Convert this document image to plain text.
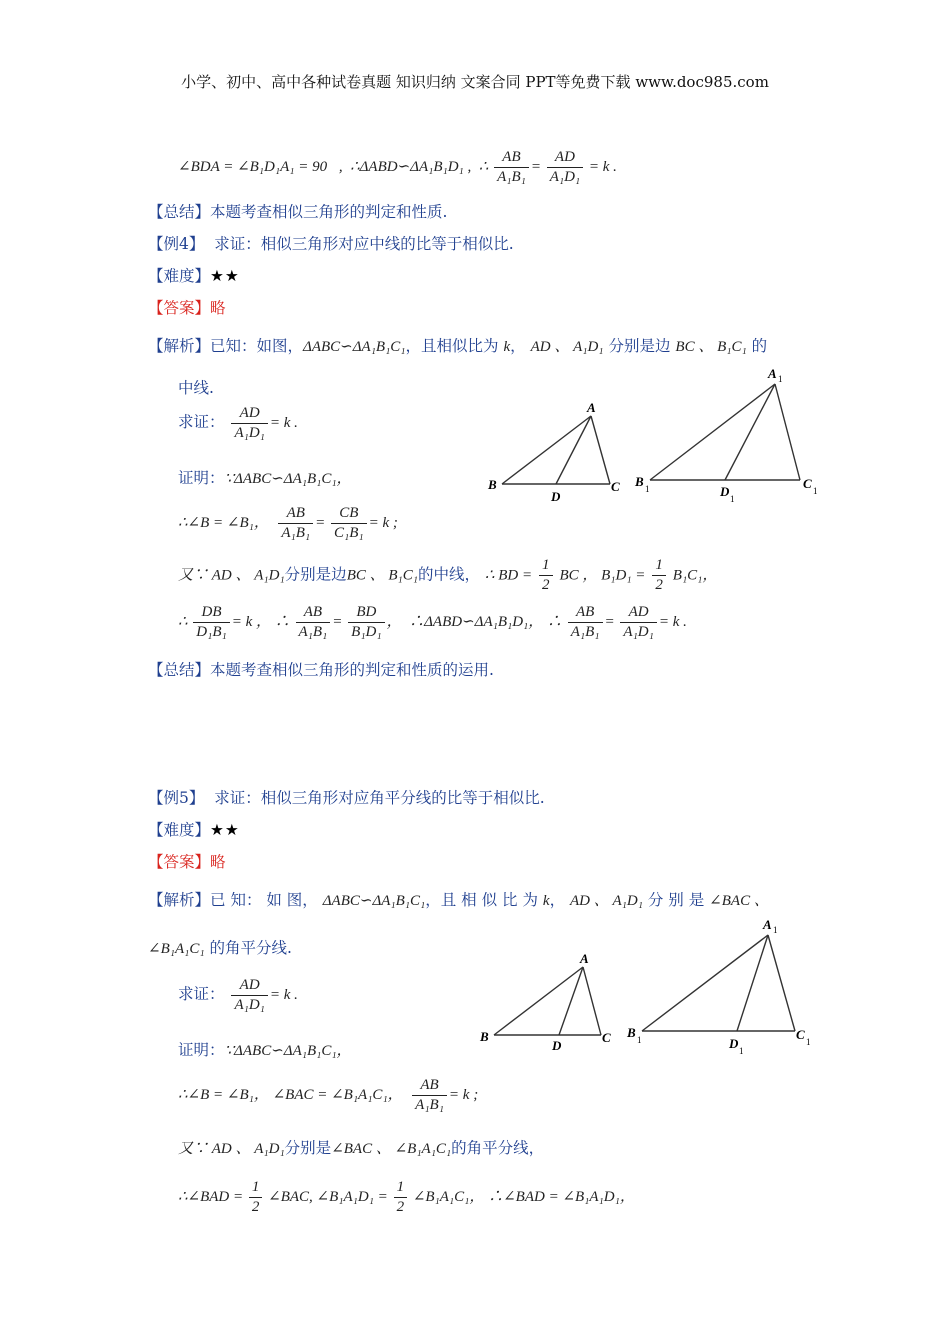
小学、初中、高中各种试卷真题 知识归纳 文案合同 PPT等免费下载 www.doc985.com
∠BDA = ∠B₁D₁A₁ = 90 ,  ∴ΔABD∽ΔA₁B₁D₁ ,  ∴ $\frac{AB}{\text{A₁B₁}} = \frac{AD}{\text{A₁D₁}} = k$ .
【总结】本题考查相似三角形的判定和性质.
【例4】 求证：相似三角形对应中线的比等于相似比.
【难度】★★
【答案】略
【解析】已知：如图，ΔABC∽ΔA₁B₁C₁，且相似比为 k， AD 、 A₁D₁ 分别是边 BC 、 B₁C₁ 的
中线.
求证： $\frac{AD}{\text{A₁D₁}} = k$ .
证明：∵ΔABC∽ΔA₁B₁C₁，
∴∠B = ∠B₁， $\frac{AB}{\text{A₁B₁}} = \frac{CB}{\text{C₁B₁}} = k$ ;
又∵ AD 、 A₁D₁分别是边BC 、 B₁C₁的中线， ∴ BD = $\frac{1}{2}$ BC ， $B_1D_1 = \frac{1}{2} B_1C_1$，
∴ $\frac{DB}{\text{D₁B₁}} = k$ ， ∴ $\frac{AB}{\text{A₁B₁}} = \frac{BD}{\text{B₁D₁}}$ ，  ∴ΔABD∽ΔA₁B₁D₁， ∴ $\frac{AB}{\text{A₁B₁}} = \frac{AD}{\text{A₁D₁}} = k$ .
【总结】本题考查相似三角形的判定和性质的运用.
A
B	C
D
A 1
B 1	C 1
D 1
【例5】 求证：相似三角形对应角平分线的比等于相似比.
【难度】★★
【答案】略
【解析】已 知： 如 图， ΔABC∽ΔA₁B₁C₁，且 相 似 比 为 k， AD 、 A₁D₁ 分 别 是 ∠BAC 、
∠B₁A₁C₁ 的角平分线.
求证： $\frac{AD}{\text{A₁D₁}} = k$ .
证明：∵ΔABC∽ΔA₁B₁C₁，
∴∠B = ∠B₁， ∠BAC = ∠B₁A₁C₁， $\frac{AB}{\text{A₁B₁}} = k$ ;
又∵ AD 、 A₁D₁分别是∠BAC 、 ∠B₁A₁C₁的角平分线，
∴∠BAD = $\frac{1}{2}$ ∠BAC, ∠B₁A₁D₁ = $\frac{1}{2}$ ∠B₁A₁C₁， ∴∠BAD = ∠B₁A₁D₁，
A
B	C
D
A 1
B 1	C 1
D 1
